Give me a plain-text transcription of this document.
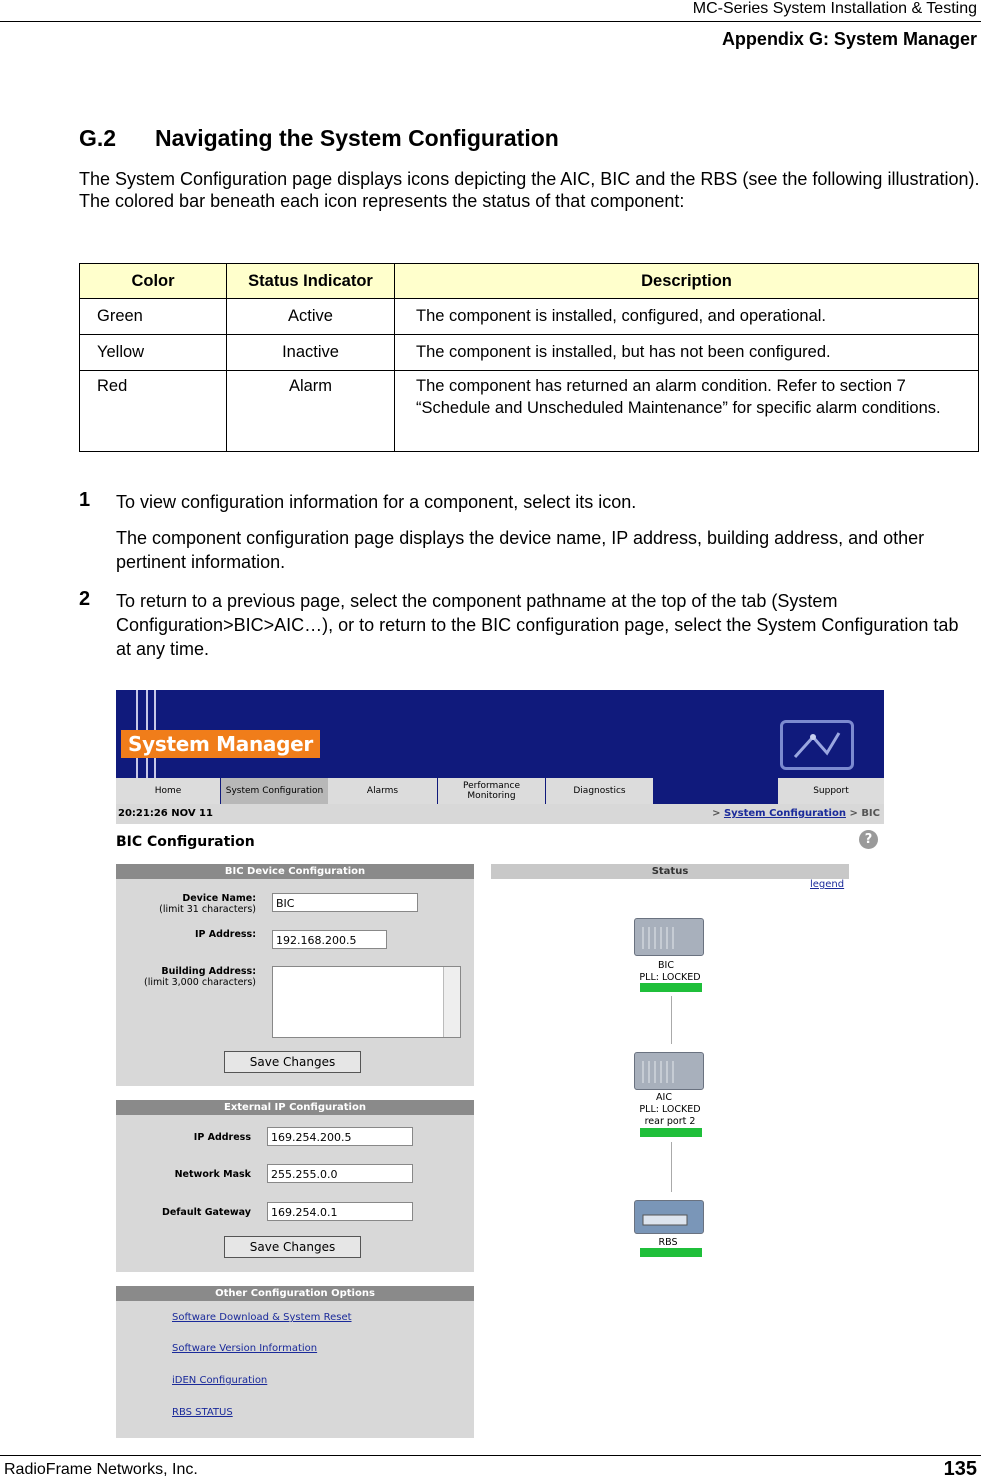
MC-Series System Installation & Testing
Appendix G: System Manager
G.2 Navigating the System Configuration
The System Configuration page displays icons depicting the AIC, BIC and the RBS (see the following illustration). The colored bar beneath each icon represents the status of that component:
Color	Status Indicator	Description
Green	Active	The component is installed, configured, and operational.
Yellow	Inactive	The component is installed, but has not been configured.
Red	Alarm	The component has returned an alarm condition. Refer to section 7 “Schedule and Unscheduled Maintenance” for specific alarm conditions.
1 To view configuration information for a component, select its icon.
The component configuration page displays the device name, IP address, building address, and other pertinent information.
2 To return to a previous page, select the component pathname at the top of the tab (System Configuration>BIC>AIC…), or to return to the BIC configuration page, select the System Configuration tab at any time.
System Manager
Home	System Configuration	Alarms	Performance
Monitoring	Diagnostics	Support
20:21:26 NOV 11	> System Configuration > BIC
BIC Configuration	?
BIC Device Configuration
Device Name:
(limit 31 characters)	BIC
IP Address:	192.168.200.5
Building Address:
(limit 3,000 characters)
Save Changes
External IP Configuration
IP Address	169.254.200.5
Network Mask	255.255.0.0
Default Gateway	169.254.0.1
Save Changes
Other Configuration Options
Software Download & System Reset
Software Version Information
iDEN Configuration
RBS STATUS
Status
legend
BIC
PLL: LOCKED
AIC
PLL: LOCKED
rear port 2
RBS
RadioFrame Networks, Inc.	135
